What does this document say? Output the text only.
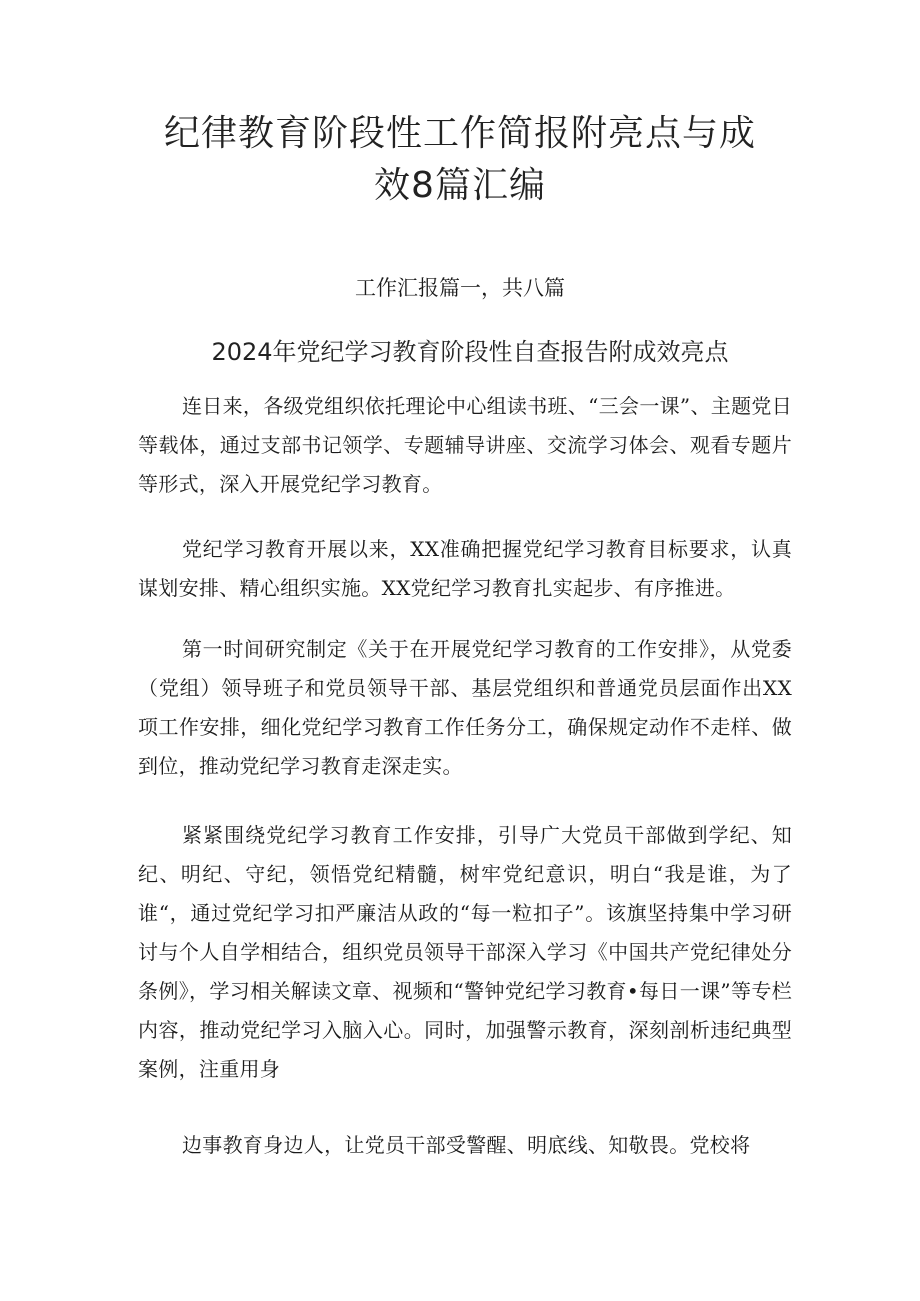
纪律教育阶段性工作简报附亮点与成效8篇汇编

工作汇报篇一，共八篇

2024年党纪学习教育阶段性自查报告附成效亮点

连日来，各级党组织依托理论中心组读书班、“三会一课”、主题党日等载体，通过支部书记领学、专题辅导讲座、交流学习体会、观看专题片等形式，深入开展党纪学习教育。

党纪学习教育开展以来，XX准确把握党纪学习教育目标要求，认真谋划安排、精心组织实施。XX党纪学习教育扎实起步、有序推进。

第一时间研究制定《关于在开展党纪学习教育的工作安排》，从党委（党组）领导班子和党员领导干部、基层党组织和普通党员层面作出XX项工作安排，细化党纪学习教育工作任务分工，确保规定动作不走样、做到位，推动党纪学习教育走深走实。

紧紧围绕党纪学习教育工作安排，引导广大党员干部做到学纪、知纪、明纪、守纪，领悟党纪精髓，树牢党纪意识，明白“我是谁，为了谁“，通过党纪学习扣严廉洁从政的“每一粒扣子”。该旗坚持集中学习研讨与个人自学相结合，组织党员领导干部深入学习《中国共产党纪律处分条例》，学习相关解读文章、视频和“警钟党纪学习教育•每日一课”等专栏内容，推动党纪学习入脑入心。同时，加强警示教育，深刻剖析违纪典型案例，注重用身

边事教育身边人，让党员干部受警醒、明底线、知敬畏。党校将
